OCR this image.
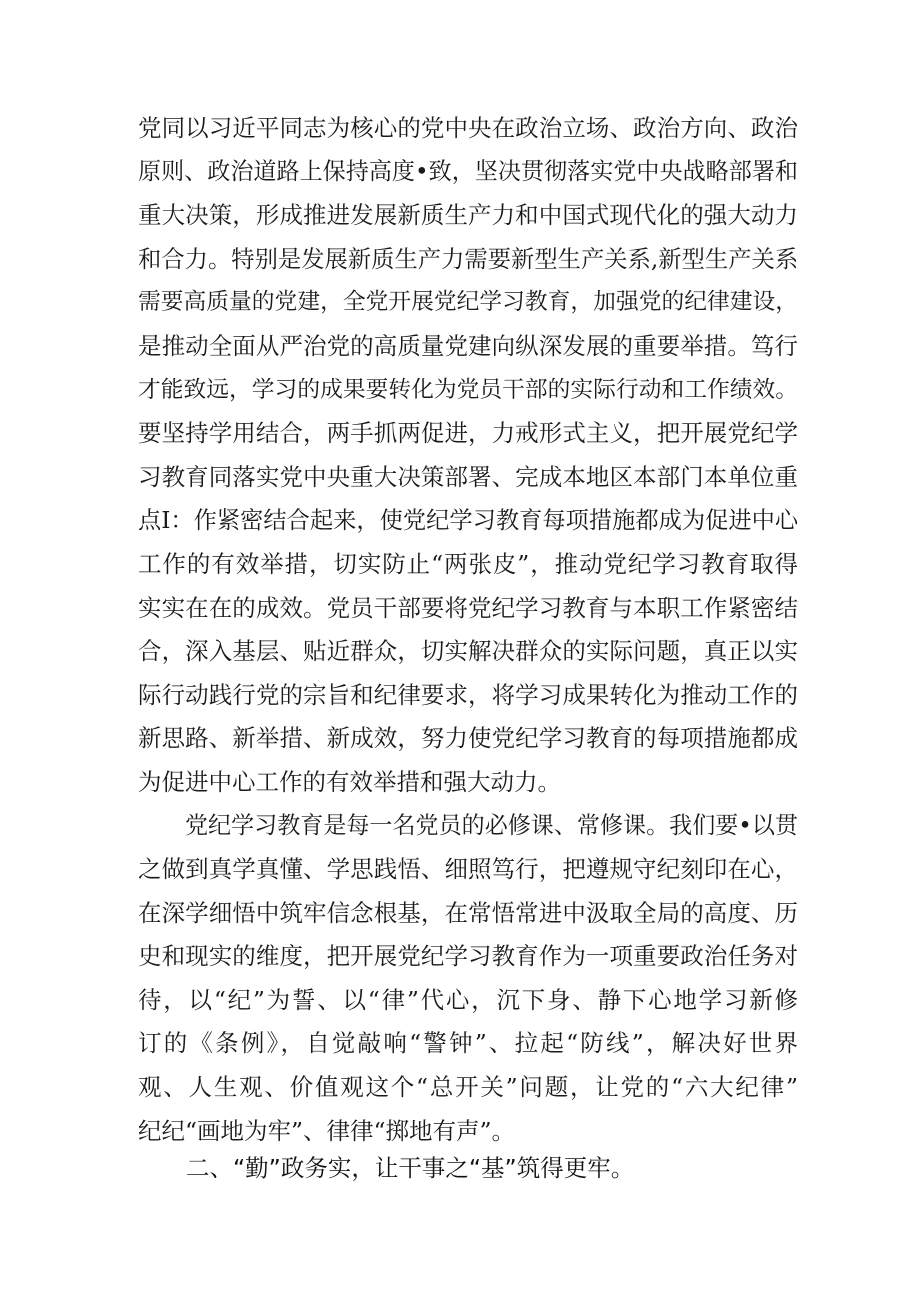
党同以习近平同志为核心的党中央在政治立场、政治方向、政治
原则、政治道路上保持高度•致，坚决贯彻落实党中央战略部署和
重大决策，形成推进发展新质生产力和中国式现代化的强大动力
和合力。特别是发展新质生产力需要新型生产关系,新型生产关系
需要高质量的党建，全党开展党纪学习教育，加强党的纪律建设，
是推动全面从严治党的高质量党建向纵深发展的重要举措。笃行
才能致远，学习的成果要转化为党员干部的实际行动和工作绩效。
要坚持学用结合，两手抓两促进，力戒形式主义，把开展党纪学
习教育同落实党中央重大决策部署、完成本地区本部门本单位重
点I：作紧密结合起来，使党纪学习教育每项措施都成为促进中心
工作的有效举措，切实防止“两张皮”，推动党纪学习教育取得
实实在在的成效。党员干部要将党纪学习教育与本职工作紧密结
合，深入基层、贴近群众，切实解决群众的实际问题，真正以实
际行动践行党的宗旨和纪律要求，将学习成果转化为推动工作的
新思路、新举措、新成效，努力使党纪学习教育的每项措施都成
为促进中心工作的有效举措和强大动力。
党纪学习教育是每一名党员的必修课、常修课。我们要•以贯
之做到真学真懂、学思践悟、细照笃行，把遵规守纪刻印在心，
在深学细悟中筑牢信念根基，在常悟常进中汲取全局的高度、历
史和现实的维度，把开展党纪学习教育作为一项重要政治任务对
待，以“纪”为誓、以“律”代心，沉下身、静下心地学习新修
订的《条例》，自觉敲响“警钟”、拉起“防线”，解决好世界
观、人生观、价值观这个“总开关”问题，让党的“六大纪律”
纪纪“画地为牢”、律律“掷地有声”。
二、“勤”政务实，让干事之“基”筑得更牢。
